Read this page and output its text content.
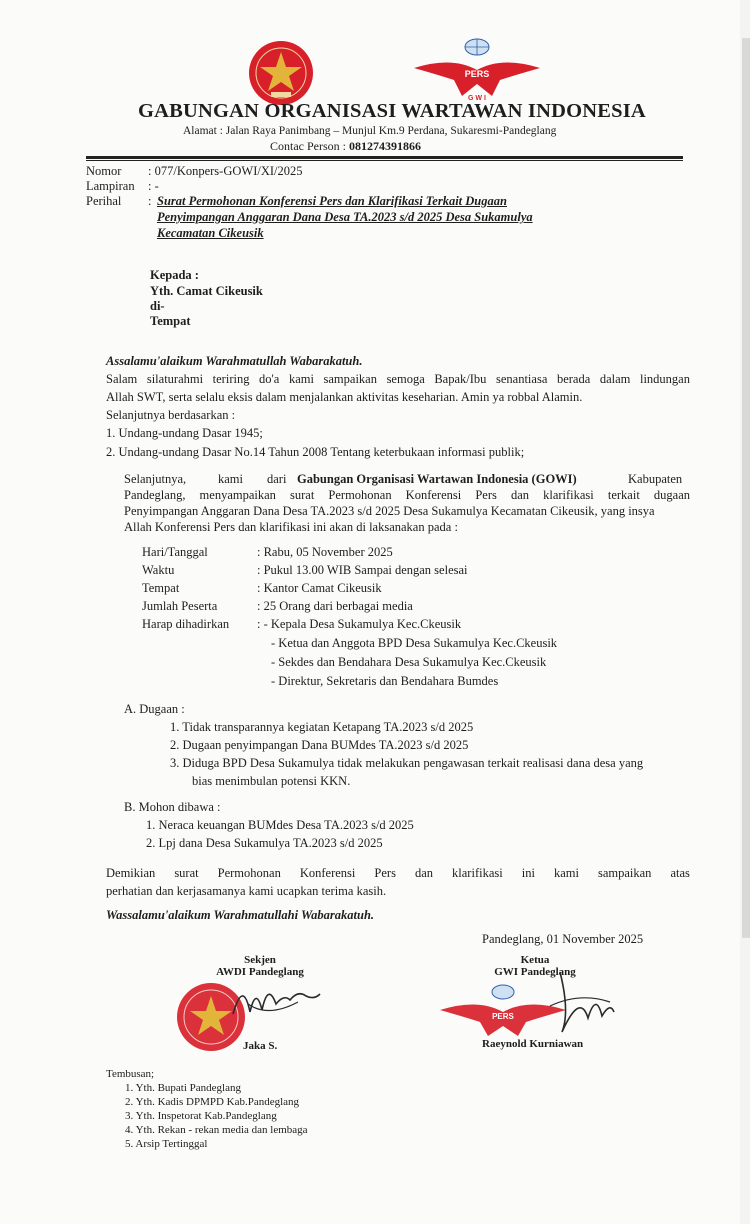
PERS
G W I
GABUNGAN ORGANISASI WARTAWAN INDONESIA
Alamat : Jalan Raya Panimbang – Munjul Km.9 Perdana, Sukaresmi-Pandeglang
Contac Person : 081274391866
Nomor : 077/Konpers-GOWI/XI/2025
Lampiran : -
Perihal : Surat Permohonan Konferensi Pers dan Klarifikasi Terkait Dugaan
Penyimpangan Anggaran Dana Desa TA.2023 s/d 2025 Desa Sukamulya
Kecamatan Cikeusik
Kepada :
Yth. Camat Cikeusik
di-
Tempat
Assalamu'alaikum Warahmatullah Wabarakatuh.
Salam silaturahmi teriring do'a kami sampaikan semoga Bapak/Ibu senantiasa berada dalam lindungan
Allah SWT, serta selalu eksis dalam menjalankan aktivitas keseharian. Amin ya robbal Alamin.
Selanjutnya berdasarkan :
1. Undang-undang Dasar 1945;
2. Undang-undang Dasar No.14 Tahun 2008 Tentang keterbukaan informasi publik;
Selanjutnya,	kami dari Gabungan Organisasi Wartawan Indonesia (GOWI)	Kabupaten
Pandeglang, menyampaikan surat Permohonan Konferensi Pers dan klarifikasi terkait dugaan
Penyimpangan Anggaran Dana Desa TA.2023 s/d 2025 Desa Sukamulya Kecamatan Cikeusik, yang insya
Allah Konferensi Pers dan klarifikasi ini akan di laksanakan pada :
Hari/Tanggal	: Rabu, 05 November 2025
Waktu	: Pukul 13.00 WIB Sampai dengan selesai
Tempat	: Kantor Camat Cikeusik
Jumlah Peserta	: 25 Orang dari berbagai media
Harap dihadirkan : - Kepala Desa Sukamulya Kec.Ckeusik
- Ketua dan Anggota BPD Desa Sukamulya Kec.Ckeusik
- Sekdes dan Bendahara Desa Sukamulya Kec.Ckeusik
- Direktur, Sekretaris dan Bendahara Bumdes
A. Dugaan :
1. Tidak transparannya kegiatan Ketapang TA.2023 s/d 2025
2. Dugaan penyimpangan Dana BUMdes TA.2023 s/d 2025
3. Diduga BPD Desa Sukamulya tidak melakukan pengawasan terkait realisasi dana desa yang
bias menimbulan potensi KKN.
B. Mohon dibawa :
1. Neraca keuangan BUMdes Desa TA.2023 s/d 2025
2. Lpj dana Desa Sukamulya TA.2023 s/d 2025
Demikian surat Permohonan Konferensi Pers dan klarifikasi ini kami sampaikan atas
perhatian dan kerjasamanya kami ucapkan terima kasih.
Wassalamu'alaikum Warahmatullahi Wabarakatuh.
Pandeglang, 01 November 2025
Sekjen
AWDI Pandeglang
Jaka S.
Ketua
GWI Pandeglang
PERS
Raeynold Kurniawan
Tembusan;
1. Yth. Bupati Pandeglang
2. Yth. Kadis DPMPD Kab.Pandeglang
3. Yth. Inspetorat Kab.Pandeglang
4. Yth. Rekan - rekan media dan lembaga
5. Arsip Tertinggal
